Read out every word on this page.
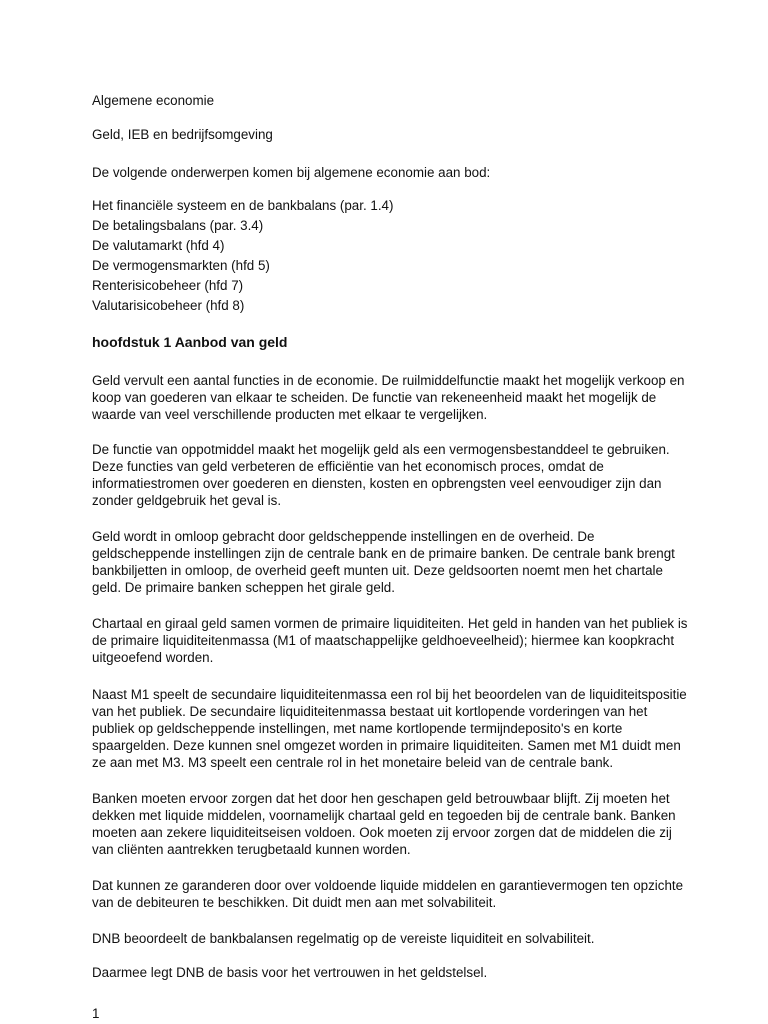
Algemene economie
Geld, IEB en bedrijfsomgeving
De volgende onderwerpen komen bij algemene economie aan bod:
Het financiële systeem en de bankbalans (par. 1.4)
De betalingsbalans (par. 3.4)
De valutamarkt (hfd 4)
De vermogensmarkten (hfd 5)
Renterisicobeheer (hfd 7)
Valutarisicobeheer (hfd 8)
hoofdstuk 1 Aanbod van geld
Geld vervult een aantal functies in de economie. De ruilmiddelfunctie maakt het mogelijk verkoop en
koop van goederen van elkaar te scheiden. De functie van rekeneenheid maakt het mogelijk de
waarde van veel verschillende producten met elkaar te vergelijken.
De functie van oppotmiddel maakt het mogelijk geld als een vermogensbestanddeel te gebruiken.
Deze functies van geld verbeteren de efficiëntie van het economisch proces, omdat de
informatiestromen over goederen en diensten, kosten en opbrengsten veel eenvoudiger zijn dan
zonder geldgebruik het geval is.
Geld wordt in omloop gebracht door geldscheppende instellingen en de overheid. De
geldscheppende instellingen zijn de centrale bank en de primaire banken. De centrale bank brengt
bankbiljetten in omloop, de overheid geeft munten uit. Deze geldsoorten noemt men het chartale
geld. De primaire banken scheppen het girale geld.
Chartaal en giraal geld samen vormen de primaire liquiditeiten. Het geld in handen van het publiek is
de primaire liquiditeitenmassa (M1 of maatschappelijke geldhoeveelheid); hiermee kan koopkracht
uitgeoefend worden.
Naast M1 speelt de secundaire liquiditeitenmassa een rol bij het beoordelen van de liquiditeitspositie
van het publiek. De secundaire liquiditeitenmassa bestaat uit kortlopende vorderingen van het
publiek op geldscheppende instellingen, met name kortlopende termijndeposito's en korte
spaargelden. Deze kunnen snel omgezet worden in primaire liquiditeiten. Samen met M1 duidt men
ze aan met M3. M3 speelt een centrale rol in het monetaire beleid van de centrale bank.
Banken moeten ervoor zorgen dat het door hen geschapen geld betrouwbaar blijft. Zij moeten het
dekken met liquide middelen, voornamelijk chartaal geld en tegoeden bij de centrale bank. Banken
moeten aan zekere liquiditeitseisen voldoen. Ook moeten zij ervoor zorgen dat de middelen die zij
van cliënten aantrekken terugbetaald kunnen worden.
Dat kunnen ze garanderen door over voldoende liquide middelen en garantievermogen ten opzichte
van de debiteuren te beschikken. Dit duidt men aan met solvabiliteit.
DNB beoordeelt de bankbalansen regelmatig op de vereiste liquiditeit en solvabiliteit.
Daarmee legt DNB de basis voor het vertrouwen in het geldstelsel.
1
